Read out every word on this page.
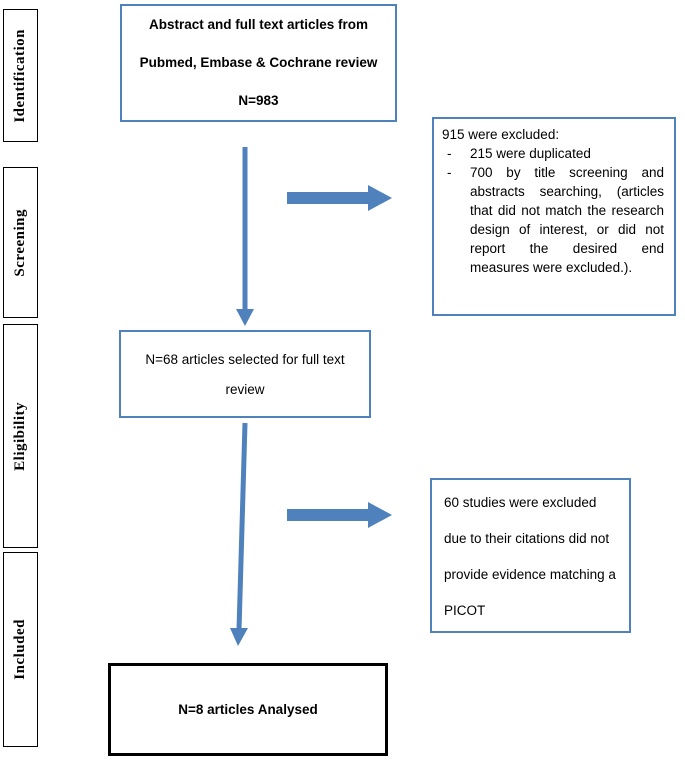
Identification
Screening
Eligibility
Included

Abstract and full text articles from

Pubmed, Embase & Cochrane review

N=983

915 were excluded:

-	215 were duplicated
-	700 by title screening and abstracts searching, (articles that did not match the research design of interest, or did not report the desired end measures were excluded.).

N=68 articles selected for full text

review

60 studies were excluded

due to their citations did not

provide evidence matching a

PICOT

N=8 articles Analysed
